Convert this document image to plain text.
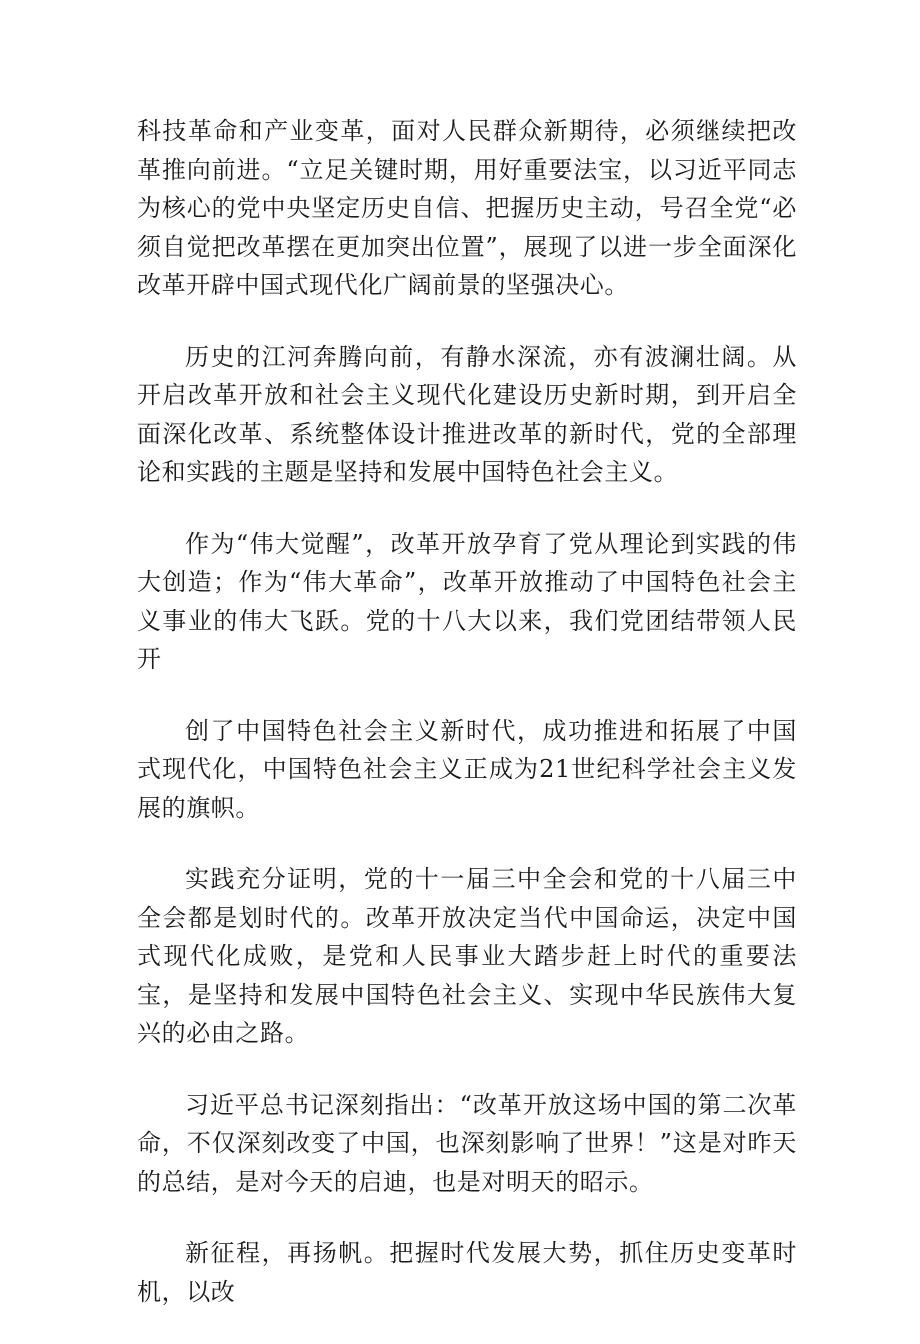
科技革命和产业变革，面对人民群众新期待，必须继续把改革推向前进。“立足关键时期，用好重要法宝，以习近平同志为核心的党中央坚定历史自信、把握历史主动，号召全党“必须自觉把改革摆在更加突出位置”，展现了以进一步全面深化改革开辟中国式现代化广阔前景的坚强决心。

历史的江河奔腾向前，有静水深流，亦有波澜壮阔。从开启改革开放和社会主义现代化建设历史新时期，到开启全面深化改革、系统整体设计推进改革的新时代，党的全部理论和实践的主题是坚持和发展中国特色社会主义。

作为“伟大觉醒”，改革开放孕育了党从理论到实践的伟大创造；作为“伟大革命”，改革开放推动了中国特色社会主义事业的伟大飞跃。党的十八大以来，我们党团结带领人民开

创了中国特色社会主义新时代，成功推进和拓展了中国式现代化，中国特色社会主义正成为21世纪科学社会主义发展的旗帜。

实践充分证明，党的十一届三中全会和党的十八届三中全会都是划时代的。改革开放决定当代中国命运，决定中国式现代化成败，是党和人民事业大踏步赶上时代的重要法宝，是坚持和发展中国特色社会主义、实现中华民族伟大复兴的必由之路。

习近平总书记深刻指出：“改革开放这场中国的第二次革命，不仅深刻改变了中国，也深刻影响了世界！”这是对昨天的总结，是对今天的启迪，也是对明天的昭示。

新征程，再扬帆。把握时代发展大势，抓住历史变革时机，以改
